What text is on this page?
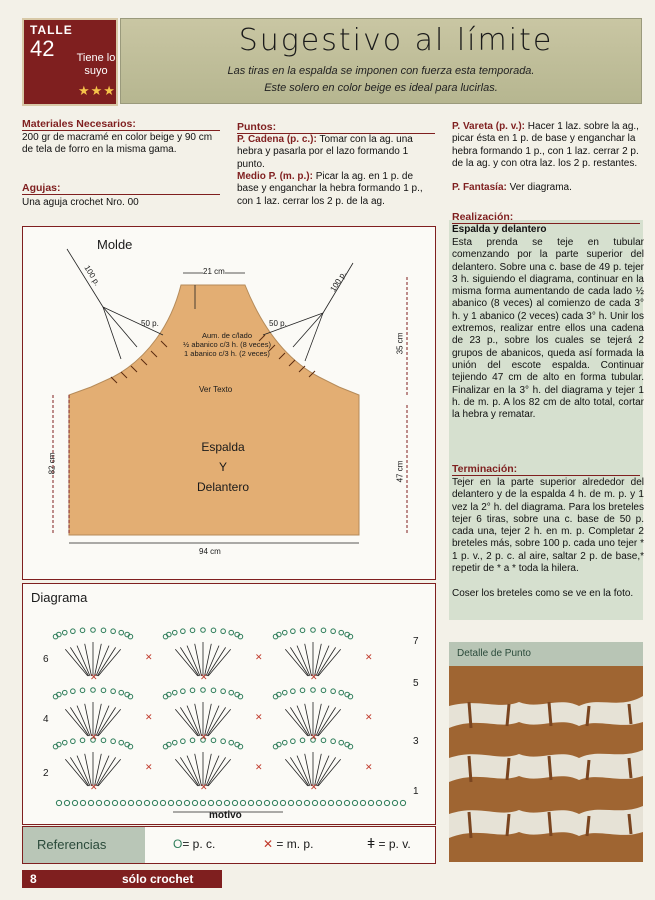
TALLE
42 Tiene lo suyo
★★★
Sugestivo al límite
Las tiras en la espalda se imponen con fuerza esta temporada.
Este solero en color beige es ideal para lucirlas.
Materiales Necesarios:
200 gr de macramé en color beige y 90 cm de tela de forro en la misma gama.
Agujas:
Una aguja crochet Nro. 00
Puntos:
P. Cadena (p. c.): Tomar con la ag. una hebra y pasarla por el lazo formando 1 punto.
Medio P. (m. p.): Picar la ag. en 1 p. de base y enganchar la hebra formando 1 p., con 1 laz. cerrar los 2 p. de la ag.
P. Vareta (p. v.): Hacer 1 laz. sobre la ag., picar ésta en 1 p. de base y enganchar la hebra formando 1 p., con 1 laz. cerrar 2 p. de la ag. y con otra laz. los 2 p. restantes.
P. Fantasía: Ver diagrama.
Realización:
Espalda y delantero
Esta prenda se teje en tubular comenzando por la parte superior del delantero. Sobre una c. base de 49 p. tejer 3 h. siguiendo el diagrama, continuar en la misma forma aumentando de cada lado ½ abanico (8 veces) al comienzo de cada 3° h. y 1 abanico (2 veces) cada 3° h. Unir los extremos, realizar entre ellos una cadena de 23 p., sobre los cuales se tejerá 2 grupos de abanicos, queda así formada la unión del escote espalda. Continuar tejiendo 47 cm de alto en forma tubular. Finalizar en la 3° h. del diagrama y tejer 1 h. de m. p. A los 82 cm de alto total, cortar la hebra y rematar.
Terminación:
Tejer en la parte superior alrededor del delantero y de la espalda 4 h. de m. p. y 1 vez la 2° h. del diagrama. Para los breteles tejer 6 tiras, sobre una c. base de 50 p. cada una, tejer 2 h. en m. p. Completar 2 breteles más, sobre 100 p. cada uno tejer * 1 p. v., 2 p. c. al aire, saltar 2 p. de base,* repetir de * a * toda la hilera.
Coser los breteles como se ve en la foto.
Molde
21 cm
100 p.	100 p.
50 p.	50 p.
Aum. de c/lado
½ abanico c/3 h. (8 veces)
1 abanico c/3 h. (2 veces)
Ver Texto
Espalda
Y
Delantero
82 cm
35 cm
47 cm
94 cm
✕
✕
✕
✕
✕
✕
✕
✕
✕
✕
✕
✕
✕
✕
✕
✕
✕
✕
Diagrama
motivo
6
4
2
7
5
3
1
Referencias	O= p. c.	✕ = m. p.	ǂ = p. v.
Detalle de Punto
8	sólo crochet
